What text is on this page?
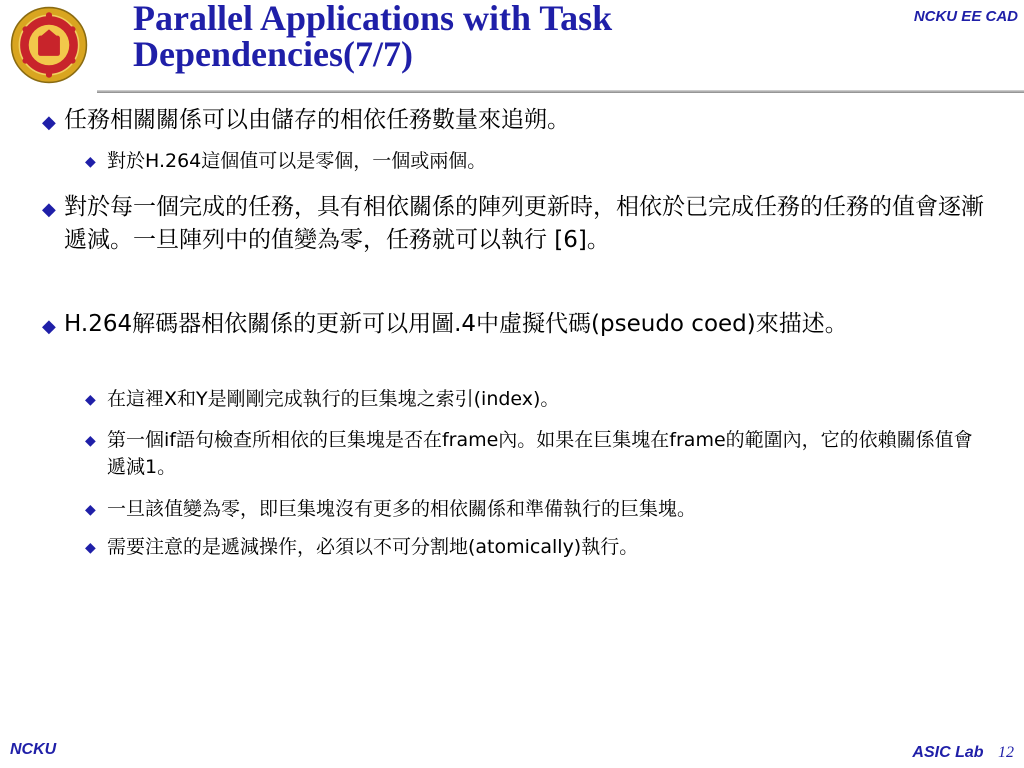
Parallel Applications with Task
Dependencies(7/7)
NCKU EE CAD
◆ 任務相關關係可以由儲存的相依任務數量來追朔。
◆ 對於H.264這個值可以是零個，一個或兩個。
◆ 對於每一個完成的任務，具有相依關係的陣列更新時，相依於已完成任務的任務的值會逐漸遞減。一旦陣列中的值變為零，任務就可以執行 [6]。
◆ H.264解碼器相依關係的更新可以用圖.4中虛擬代碼(pseudo coed)來描述。
◆ 在這裡X和Y是剛剛完成執行的巨集塊之索引(index)。
◆ 第一個if語句檢查所相依的巨集塊是否在frame內。如果在巨集塊在frame的範圍內，它的依賴關係值會遞減1。
◆ 一旦該值變為零，即巨集塊沒有更多的相依關係和準備執行的巨集塊。
◆ 需要注意的是遞減操作，必須以不可分割地(atomically)執行。
NCKU	ASIC Lab 12
